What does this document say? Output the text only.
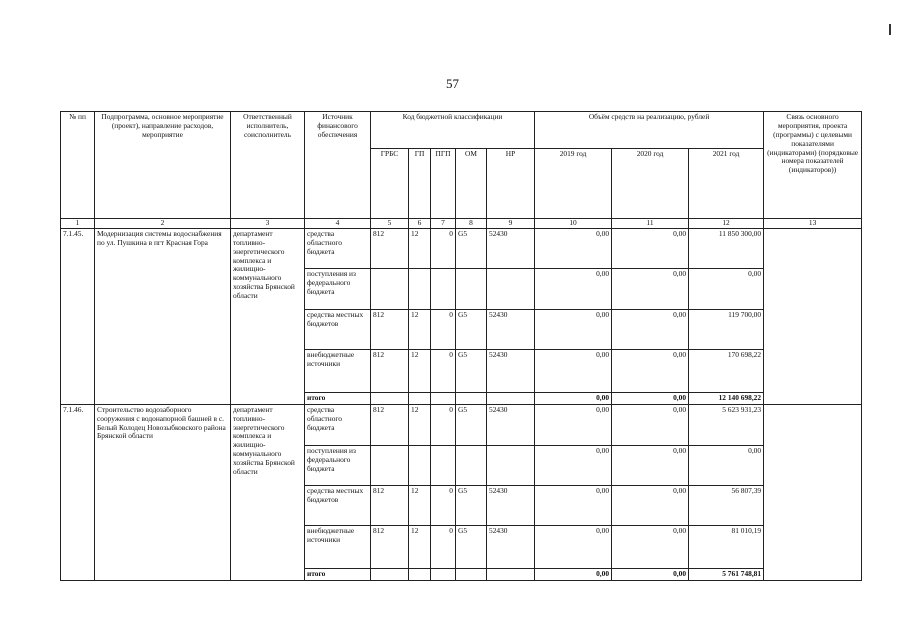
57
№ пп	Подпрограмма, основное мероприятие (проект), направление расходов, мероприятие	Ответственный исполнитель, соисполнитель	Источник финансового обеспечения	Код бюджетной классификации					Объём средств на реализацию, рублей			Связь основного мероприятия, проекта (программы) с целевыми показателями (индикаторами) (порядковые номера показателей (индикаторов))
				ГРБС	ГП	ПГП	ОМ	НР	2019 год	2020 год	2021 год	
1	2	3	4	5	6	7	8	9	10	11	12	13
7.1.45.	Модернизация системы водоснабжения по ул. Пушкина в пгт Красная Гора	департамент топливно-энергетического комплекса и жилищно-коммунального хозяйства Брянской области	средства областного бюджета	812	12	0	G5	52430	0,00	0,00	11 850 300,00	
			поступления из федерального бюджета						0,00	0,00	0,00	
			средства местных бюджетов	812	12	0	G5	52430	0,00	0,00	119 700,00	
			внебюджетные источники	812	12	0	G5	52430	0,00	0,00	170 698,22	
			итого						0,00	0,00	12 140 698,22	
7.1.46.	Строительство водозаборного сооружения с водонапорной башней в с. Белый Колодец Новозыбковского района Брянской области	департамент топливно-энергетического комплекса и жилищно-коммунального хозяйства Брянской области	средства областного бюджета	812	12	0	G5	52430	0,00	0,00	5 623 931,23	
			поступления из федерального бюджета						0,00	0,00	0,00	
			средства местных бюджетов	812	12	0	G5	52430	0,00	0,00	56 807,39	
			внебюджетные источники	812	12	0	G5	52430	0,00	0,00	81 010,19	
			итого						0,00	0,00	5 761 748,81	
